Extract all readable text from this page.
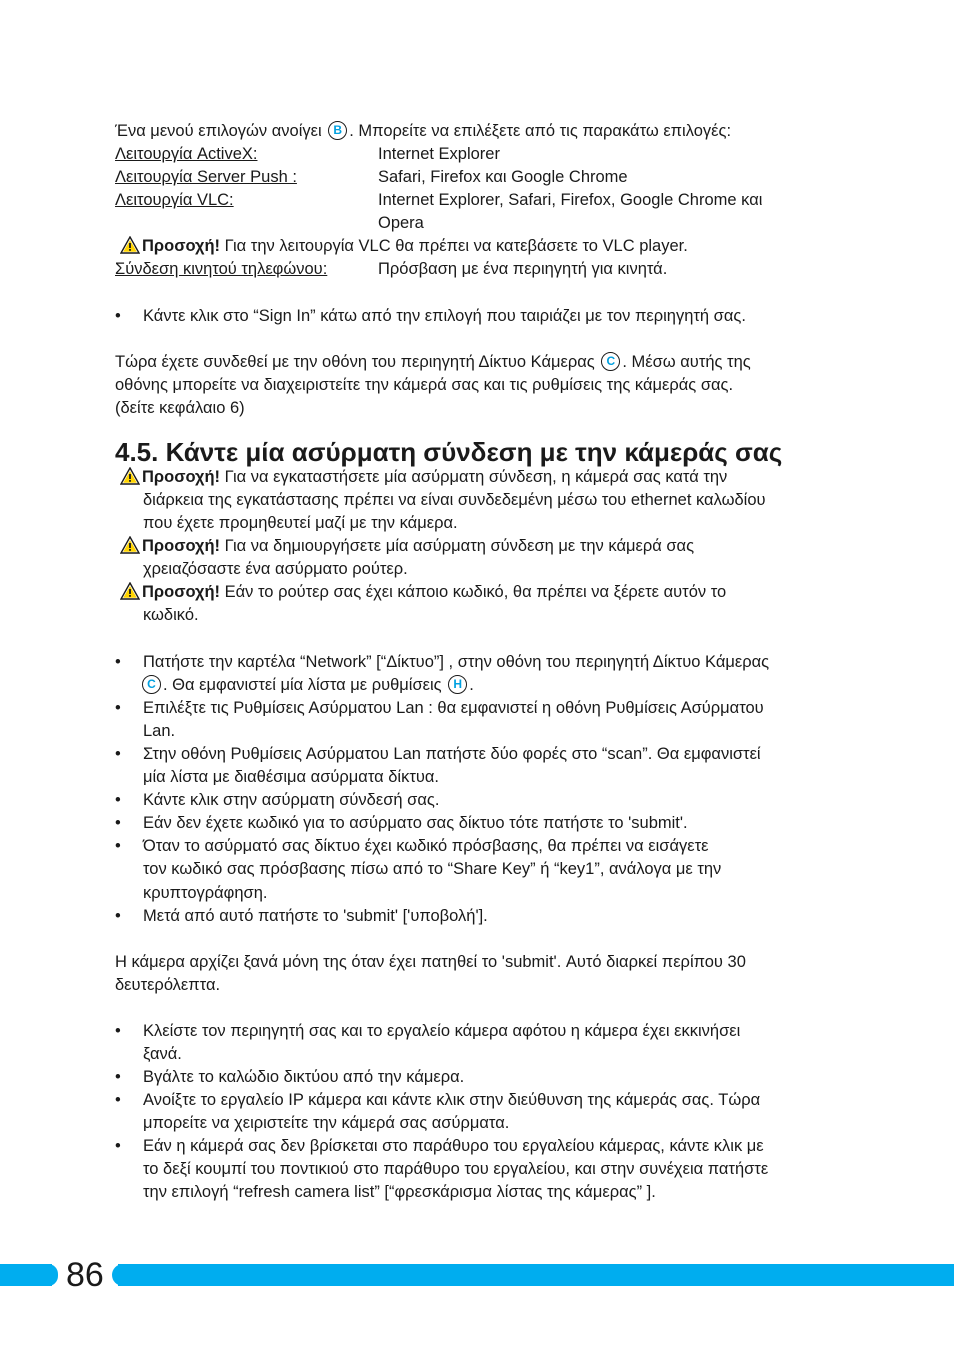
Ένα μενού επιλογών ανοίγει B . Μπορείτε να επιλέξετε από τις παρακάτω επιλογές:
Λειτουργία ActiveX:	Internet Explorer
Λειτουργία Server Push :	Safari, Firefox και Google Chrome
Λειτουργία VLC:	Internet Explorer, Safari, Firefox, Google Chrome και
Opera
Προσοχή! Για την λειτουργία VLC θα πρέπει να κατεβάσετε το VLC player.
Σύνδεση κινητού τηλεφώνου:	Πρόσβαση με ένα περιηγητή για κινητά.
• Κάντε κλικ στο “Sign In” κάτω από την επιλογή που ταιριάζει με τον περιηγητή σας.
Τώρα έχετε συνδεθεί με την οθόνη του περιηγητή Δίκτυο Κάμερας C . Μέσω αυτής της
οθόνης μπορείτε να διαχειριστείτε την κάμερά σας και τις ρυθμίσεις της κάμεράς σας.
(δείτε κεφάλαιο 6)
4.5. Κάντε μία ασύρματη σύνδεση με την κάμεράς σας
Προσοχή! Για να εγκαταστήσετε μία ασύρματη σύνδεση, η κάμερά σας κατά την
διάρκεια της εγκατάστασης πρέπει να είναι συνδεδεμένη μέσω του ethernet καλωδίου
που έχετε προμηθευτεί μαζί με την κάμερα.
Προσοχή! Για να δημιουργήσετε μία ασύρματη σύνδεση με την κάμερά σας
χρειαζόσαστε ένα ασύρματο ρούτερ.
Προσοχή! Εάν το ρούτερ σας έχει κάποιο κωδικό, θα πρέπει να ξέρετε αυτόν το
κωδικό.
• Πατήστε την καρτέλα “Network” [“Δίκτυο”] , στην οθόνη του περιηγητή Δίκτυο Κάμερας
C . Θα εμφανιστεί μία λίστα με ρυθμίσεις H .
• Επιλέξτε τις Ρυθμίσεις Ασύρματου Lan : θα εμφανιστεί η οθόνη Ρυθμίσεις Ασύρματου
Lan.
• Στην οθόνη Ρυθμίσεις Ασύρματου Lan πατήστε δύο φορές στο “scan”. Θα εμφανιστεί
μία λίστα με διαθέσιμα ασύρματα δίκτυα.
• Κάντε κλικ στην ασύρματη σύνδεσή σας.
• Εάν δεν έχετε κωδικό για το ασύρματο σας δίκτυο τότε πατήστε το 'submit'.
• Όταν το ασύρματό σας δίκτυο έχει κωδικό πρόσβασης, θα πρέπει να εισάγετε
τον κωδικό σας πρόσβασης πίσω από το “Share Key” ή “key1”, ανάλογα με την
κρυπτογράφηση.
• Μετά από αυτό πατήστε το 'submit' ['υποβολή'].
Η κάμερα αρχίζει ξανά μόνη της όταν έχει πατηθεί το 'submit'. Αυτό διαρκεί περίπου 30
δευτερόλεπτα.
• Κλείστε τον περιηγητή σας και το εργαλείο κάμερα αφότου η κάμερα έχει εκκινήσει
ξανά.
• Βγάλτε το καλώδιο δικτύου από την κάμερα.
• Ανοίξτε το εργαλείο IP κάμερα και κάντε κλικ στην διεύθυνση της κάμεράς σας. Τώρα
μπορείτε να χειριστείτε την κάμερά σας ασύρματα.
• Εάν η κάμερά σας δεν βρίσκεται στο παράθυρο του εργαλείου κάμερας, κάντε κλικ με
το δεξί κουμπί του ποντικιού στο παράθυρο του εργαλείου, και στην συνέχεια πατήστε
την επιλογή “refresh camera list” [“φρεσκάρισμα λίστας της κάμερας” ].
86
